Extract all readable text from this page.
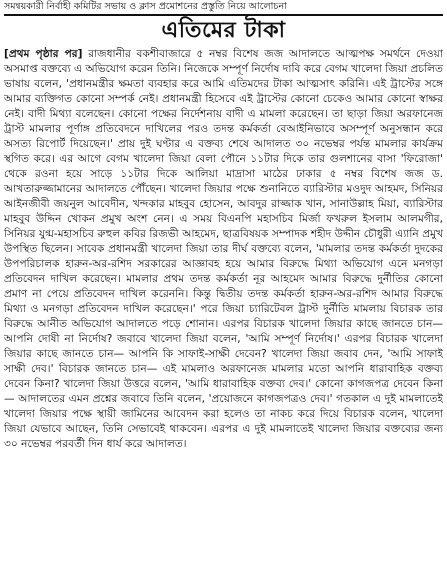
সমন্বয়কারী নির্বাহী কমিটির সভায় ও ক্লাস প্রমোশনের প্রস্তুতি নিয়ে আলোচনা
এতিমের টাকা

[প্রথম পৃষ্ঠার পর] রাজধানীর বকশীবাজারে ৫ নম্বর বিশেষ জজ আদালতে আত্মপক্ষ সমর্থনে দেওয়া অসমাপ্ত বক্তব্যে এ অভিযোগ করেন তিনি। নিজেকে সম্পূর্ণ নির্দোষ দাবি করে বেগম খালেদা জিয়া প্রচলিত ভাষায় বলেন, 'প্রধানমন্ত্রীর ক্ষমতা ব্যবহার করে আমি এতিমদের টাকা আত্মসাৎ করিনি। এই ট্রাস্টের সঙ্গে আমার ব্যক্তিগত কোনো সম্পর্ক নেই। প্রধানমন্ত্রী হিসেবে এই ট্রাস্টের কোনো চেকেও আমার কোনো স্বাক্ষর নেই। বাদী মিথ্যা বলেছেন। কোনো পক্ষের নির্দেশনায় বাদী এ মামলা করেছেন। তা ছাড়া জিয়া অরফানেজ ট্রাস্ট মামলার পূর্ণাঙ্গ প্রতিবেদনে দাখিলের পরও তদন্ত কর্মকর্তা বেআইনিভাবে অসম্পূর্ণ অনুসন্ধান করে অসত্য রিপোর্ট দিয়েছেন।' প্রায় দুই ঘণ্টার এ বক্তব্য শেষে আদালত ৩০ নভেম্বর পর্যন্ত মামলার কার্যক্রম স্থগিত করে। এর আগে বেগম খালেদা জিয়া বেলা পৌনে ১১টার দিকে তার গুলশানের বাসা 'ফিরোজা' থেকে রওনা হয়ে সাড়ে ১১টার দিকে আলিয়া মাদ্রাসা মাঠের ঢাকার ৫ নম্বর বিশেষ জজ ড. আখতারুজ্জামানের আদালতে পৌঁছেন। খালেদা জিয়ার পক্ষে শুনানিতে ব্যারিস্টার মওদুদ আহমদ, সিনিয়র আইনজীবী জয়নুল আবেদীন, খন্দকার মাহবুব হোসেন, আবদুর রাজ্জাক খান, সানাউল্লাহ মিয়া, ব্যারিস্টার মাহবুব উদ্দিন খোকন প্রমুখ অংশ নেন। এ সময় বিএনপি মহাসচিব মির্জা ফখরুল ইসলাম আলমগীর, সিনিয়র যুগ্ম-মহাসচিব রুহুল কবির রিজভী আহমেদ, ছাত্রবিষয়ক সম্পাদক শহীদ উদ্দীন চৌধুরী এ্যানি প্রমুখ উপস্থিত ছিলেন। সাবেক প্রধানমন্ত্রী খালেদা জিয়া তার দীর্ঘ বক্তব্যে বলেন, 'মামলার তদন্ত কর্মকর্তা দুদকের উপপরিচালক হারুন-অর-রশিদ সরকারের আজ্ঞাবহ হয়ে আমার বিরুদ্ধে মিথ্যা অভিযোগ এনে মনগড়া প্রতিবেদন দাখিল করেছেন। মামলার প্রথম তদন্ত কর্মকর্তা নূর আহমেদ আমার বিরুদ্ধে দুর্নীতির কোনো প্রমাণ না পেয়ে প্রতিবেদন দাখিল করেননি। কিন্তু দ্বিতীয় তদন্ত কর্মকর্তা হারুন-অর-রশিদ আমার বিরুদ্ধে মিথ্যা ও মনগড়া প্রতিবেদন দাখিল করেছেন।' পরে জিয়া চ্যারিটেবল ট্রাস্ট দুর্নীতি মামলায় বিচারক তার বিরুদ্ধে আনীত অভিযোগ আদালতে পড়ে শোনান। এরপর বিচারক খালেদা জিয়ার কাছে জানতে চান— আপনি দোষী না নির্দোষ? জবাবে খালেদা জিয়া বলেন, 'আমি সম্পূর্ণ নির্দোষ।' এরপর বিচারক খালেদা জিয়ার কাছে জানতে চান— আপনি কি সাফাই-সাক্ষী দেবেন? খালেদা জিয়া জবাব দেন, 'আমি সাফাই সাক্ষী দেব।' বিচারক জানতে চান— এই মামলাও অরফানেজ মামলার মতো আপনি ধারাবাহিক বক্তব্য দেবেন কিনা? খালেদা জিয়া উত্তরে বলেন, 'আমি ধারাবাহিক বক্তব্য দেব।' কোনো কাগজপত্র দেবেন কিনা— আদালতের এমন প্রশ্নের জবাবে তিনি বলেন, 'প্রয়োজনে কাগজপত্রও দেব।' গতকাল এ দুই মামলাতেই খালেদা জিয়ার পক্ষে স্থায়ী জামিনের আবেদন করা হলেও তা নাকচ করে দিয়ে বিচারক বলেন, খালেদা জিয়া যেভাবে আছেন, তিনি সেভাবেই থাকবেন। এরপর এ দুই মামলাতেই খালেদা জিয়ার বক্তব্যের জন্য ৩০ নভেম্বর পরবর্তী দিন ধার্য করে আদালত।
